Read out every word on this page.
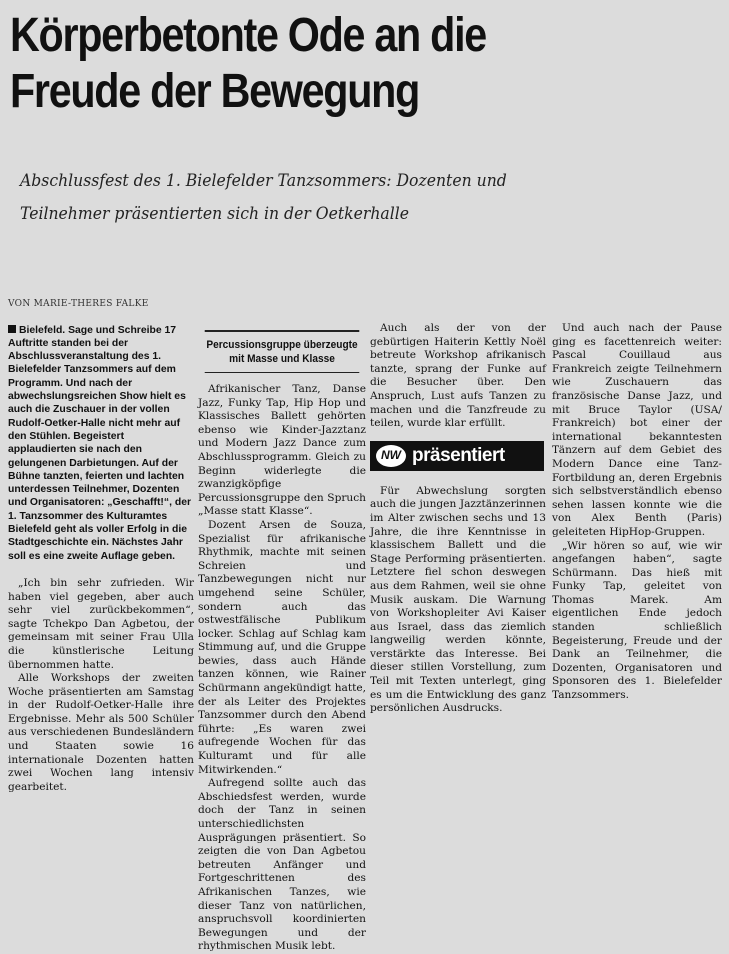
Körperbetonte Ode an die
Freude der Bewegung
Abschlussfest des 1. Bielefelder Tanzsommers: Dozenten und
Teilnehmer präsentierten sich in der Oetkerhalle
VON MARIE-THERES FALKE

Bielefeld. Sage und Schreibe 17 Auftritte standen bei der Abschlussveranstaltung des 1. Bielefelder Tanzsommers auf dem Programm. Und nach der abwechslungsreichen Show hielt es auch die Zuschauer in der vollen Rudolf-Oetker-Halle nicht mehr auf den Stühlen. Begeistert applaudierten sie nach den gelungenen Darbietungen. Auf der Bühne tanzten, feierten und lachten unterdessen Teilnehmer, Dozenten und Organisatoren: „Geschafft!“, der 1. Tanzsommer des Kulturamtes Bielefeld geht als voller Erfolg in die Stadtgeschichte ein. Nächstes Jahr soll es eine zweite Auflage geben.

„Ich bin sehr zufrieden. Wir haben viel gegeben, aber auch sehr viel zurückbekommen“, sagte Tchekpo Dan Agbetou, der gemeinsam mit seiner Frau Ulla die künstlerische Leitung übernommen hatte.

Alle Workshops der zweiten Woche präsentierten am Samstag in der Rudolf-Oetker-Halle ihre Ergebnisse. Mehr als 500 Schüler aus verschiedenen Bundesländern und Staaten sowie 16 internationale Dozenten hatten zwei Wochen lang intensiv gearbeitet.

Percussionsgruppe überzeugte
mit Masse und Klasse

Afrikanischer Tanz, Danse Jazz, Funky Tap, Hip Hop und Klassisches Ballett gehörten ebenso wie Kinder-Jazztanz und Modern Jazz Dance zum Abschlussprogramm. Gleich zu Beginn widerlegte die zwanzigköpfige Percussionsgruppe den Spruch „Masse statt Klasse“.

Dozent Arsen de Souza, Spezialist für afrikanische Rhythmik, machte mit seinen Schreien und Tanzbewegungen nicht nur umgehend seine Schüler, sondern auch das ostwestfälische Publikum locker. Schlag auf Schlag kam Stimmung auf, und die Gruppe bewies, dass auch Hände tanzen können, wie Rainer Schürmann angekündigt hatte, der als Leiter des Projektes Tanzsommer durch den Abend führte: „Es waren zwei aufregende Wochen für das Kulturamt und für alle Mitwirkenden.“

Aufregend sollte auch das Abschiedsfest werden, wurde doch der Tanz in seinen unterschiedlichsten Ausprägungen präsentiert. So zeigten die von Dan Agbetou betreuten Anfänger und Fortgeschrittenen des Afrikanischen Tanzes, wie dieser Tanz von natürlichen, anspruchsvoll koordinierten Bewegungen und der rhythmischen Musik lebt.

Auch als der von der gebürtigen Haiterin Kettly Noël betreute Workshop afrikanisch tanzte, sprang der Funke auf die Besucher über. Den Anspruch, Lust aufs Tanzen zu machen und die Tanzfreude zu teilen, wurde klar erfüllt.

NW präsentiert

Für Abwechslung sorgten auch die jungen Jazztänzerinnen im Alter zwischen sechs und 13 Jahre, die ihre Kenntnisse in klassischem Ballett und die Stage Performing präsentierten. Letztere fiel schon deswegen aus dem Rahmen, weil sie ohne Musik auskam. Die Warnung von Workshopleiter Avi Kaiser aus Israel, dass das ziemlich langweilig werden könnte, verstärkte das Interesse. Bei dieser stillen Vorstellung, zum Teil mit Texten unterlegt, ging es um die Entwicklung des ganz persönlichen Ausdrucks.

Und auch nach der Pause ging es facettenreich weiter: Pascal Couillaud aus Frankreich zeigte Teilnehmern wie Zuschauern das französische Danse Jazz, und mit Bruce Taylor (USA/ Frankreich) bot einer der international bekanntesten Tänzern auf dem Gebiet des Modern Dance eine Tanz-Fortbildung an, deren Ergebnis sich selbstverständlich ebenso sehen lassen konnte wie die von Alex Benth (Paris) geleiteten HipHop-Gruppen.

„Wir hören so auf, wie wir angefangen haben“, sagte Schürmann. Das hieß mit Funky Tap, geleitet von Thomas Marek. Am eigentlichen Ende jedoch standen schließlich Begeisterung, Freude und der Dank an Teilnehmer, die Dozenten, Organisatoren und Sponsoren des 1. Bielefelder Tanzsommers.
